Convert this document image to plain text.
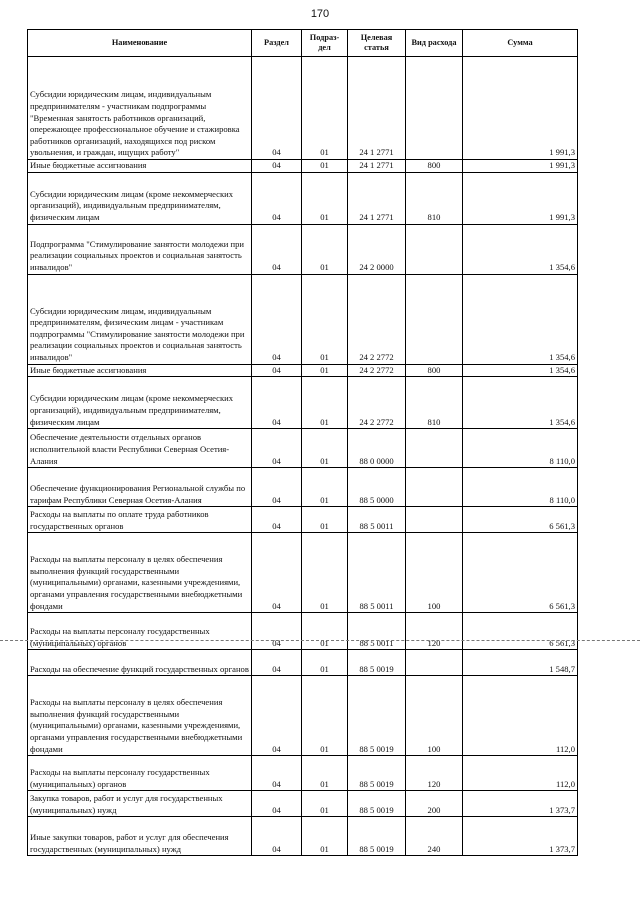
170
Наименование	Раздел	Подраз-дел	Целевая статья	Вид расхода	Сумма
Субсидии юридическим лицам, индивидуальным предпринимателям - участникам подпрограммы "Временная занятость работников организаций, опережающее профессиональное обучение и стажировка работников организаций, находящихся под риском увольнения, и граждан, ищущих работу"	04	01	24 1 2771		1 991,3
Иные бюджетные ассигнования	04	01	24 1 2771	800	1 991,3
Субсидии юридическим лицам (кроме некоммерческих организаций), индивидуальным предпринимателям, физическим лицам	04	01	24 1 2771	810	1 991,3
Подпрограмма "Стимулирование занятости молодежи при реализации социальных проектов и социальная занятость инвалидов"	04	01	24 2 0000		1 354,6
Субсидии юридическим лицам, индивидуальным предпринимателям, физическим лицам - участникам подпрограммы "Стимулирование занятости молодежи при реализации социальных проектов и социальная занятость инвалидов"	04	01	24 2 2772		1 354,6
Иные бюджетные ассигнования	04	01	24 2 2772	800	1 354,6
Субсидии юридическим лицам (кроме некоммерческих организаций), индивидуальным предпринимателям, физическим лицам	04	01	24 2 2772	810	1 354,6
Обеспечение деятельности отдельных органов исполнительной власти Республики Северная Осетия-Алания	04	01	88 0 0000		8 110,0
Обеспечение функционирования Региональной службы по тарифам Республики Северная Осетия-Алания	04	01	88 5 0000		8 110,0
Расходы на выплаты по оплате труда работников государственных органов	04	01	88 5 0011		6 561,3
Расходы на выплаты персоналу в целях обеспечения выполнения функций государственными (муниципальными) органами, казенными учреждениями, органами управления государственными внебюджетными фондами	04	01	88 5 0011	100	6 561,3
Расходы на выплаты персоналу государственных (муниципальных) органов	04	01	88 5 0011	120	6 561,3
Расходы на обеспечение функций государственных органов	04	01	88 5 0019		1 548,7
Расходы на выплаты персоналу в целях обеспечения выполнения функций государственными (муниципальными) органами, казенными учреждениями, органами управления государственными внебюджетными фондами	04	01	88 5 0019	100	112,0
Расходы на выплаты персоналу государственных (муниципальных) органов	04	01	88 5 0019	120	112,0
Закупка товаров, работ и услуг для государственных (муниципальных) нужд	04	01	88 5 0019	200	1 373,7
Иные закупки товаров, работ и услуг для обеспечения государственных (муниципальных) нужд	04	01	88 5 0019	240	1 373,7
